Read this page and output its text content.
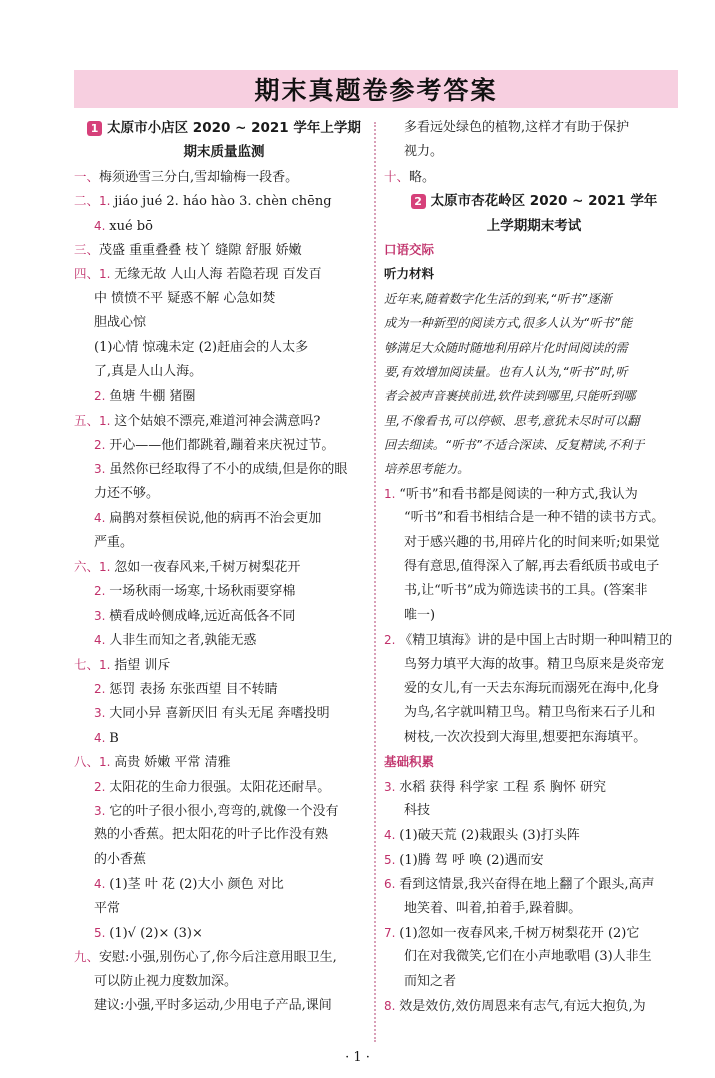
期末真题卷参考答案
1 太原市小店区 2020 ~ 2021 学年上学期
期末质量监测
一、梅须逊雪三分白,雪却输梅一段香。
二、1. jiáo jué 2. háo hào 3. chèn chēng
4. xué bō
三、茂盛 重重叠叠 枝丫 缝隙 舒服 娇嫩
四、1. 无缘无故 人山人海 若隐若现 百发百
中 愤愤不平 疑惑不解 心急如焚
胆战心惊
(1)心情 惊魂未定 (2)赶庙会的人太多
了,真是人山人海。
2. 鱼塘 牛棚 猪圈
五、1. 这个姑娘不漂亮,难道河神会满意吗?
2. 开心——他们都跳着,蹦着来庆祝过节。
3. 虽然你已经取得了不小的成绩,但是你的眼
力还不够。
4. 扁鹊对蔡桓侯说,他的病再不治会更加
严重。
六、1. 忽如一夜春风来,千树万树梨花开
2. 一场秋雨一场寒,十场秋雨要穿棉
3. 横看成岭侧成峰,远近高低各不同
4. 人非生而知之者,孰能无惑
七、1. 指望 训斥
2. 惩罚 表扬 东张西望 目不转睛
3. 大同小异 喜新厌旧 有头无尾 奔嗜投明
4. B
八、1. 高贵 娇嫩 平常 清雅
2. 太阳花的生命力很强。太阳花还耐旱。
3. 它的叶子很小很小,弯弯的,就像一个没有
熟的小香蕉。把太阳花的叶子比作没有熟
的小香蕉
4. (1)茎 叶 花 (2)大小 颜色 对比
平常
5. (1)√ (2)× (3)×
九、安慰:小强,别伤心了,你今后注意用眼卫生,
可以防止视力度数加深。
建议:小强,平时多运动,少用电子产品,课间
多看远处绿色的植物,这样才有助于保护
视力。
十、略。
2 太原市杏花岭区 2020 ~ 2021 学年
上学期期末考试
口语交际
听力材料
近年来,随着数字化生活的到来,“听书”逐渐
成为一种新型的阅读方式,很多人认为“听书”能
够满足大众随时随地利用碎片化时间阅读的需
要,有效增加阅读量。也有人认为,“听书”时,听
者会被声音裹挟前进,软件读到哪里,只能听到哪
里,不像看书,可以停顿、思考,意犹未尽时可以翻
回去细读。“听书”不适合深读、反复精读,不利于
培养思考能力。
1. “听书”和看书都是阅读的一种方式,我认为
“听书”和看书相结合是一种不错的读书方式。
对于感兴趣的书,用碎片化的时间来听;如果觉
得有意思,值得深入了解,再去看纸质书或电子
书,让“听书”成为筛选读书的工具。(答案非
唯一)
2. 《精卫填海》讲的是中国上古时期一种叫精卫的
鸟努力填平大海的故事。精卫鸟原来是炎帝宠
爱的女儿,有一天去东海玩而溺死在海中,化身
为鸟,名字就叫精卫鸟。精卫鸟衔来石子儿和
树枝,一次次投到大海里,想要把东海填平。
基础积累
3. 水稻 获得 科学家 工程 系 胸怀 研究
科技
4. (1)破天荒 (2)栽跟头 (3)打头阵
5. (1)腾 驾 呼 唤 (2)遇而安
6. 看到这情景,我兴奋得在地上翻了个跟头,高声
地笑着、叫着,拍着手,跺着脚。
7. (1)忽如一夜春风来,千树万树梨花开 (2)它
们在对我微笑,它们在小声地歌唱 (3)人非生
而知之者
8. 效是效仿,效仿周恩来有志气,有远大抱负,为
· 1 ·
